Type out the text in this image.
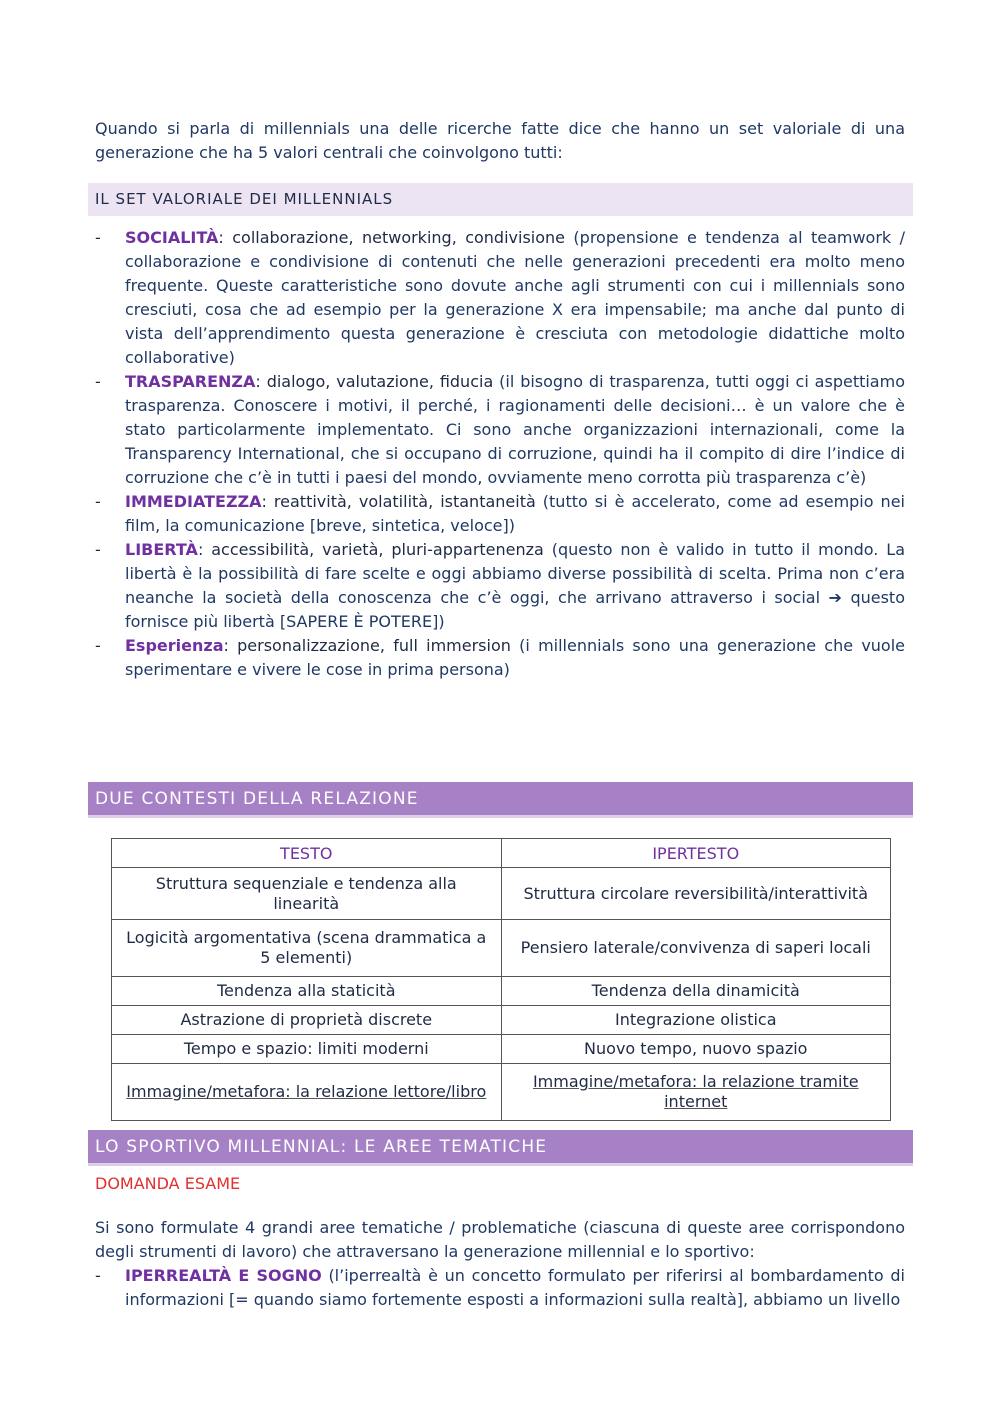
Quando si parla di millennials una delle ricerche fatte dice che hanno un set valoriale di una generazione che ha 5 valori centrali che coinvolgono tutti:

IL SET VALORIALE DEI MILLENNIALS
- SOCIALITÀ: collaborazione, networking, condivisione (propensione e tendenza al teamwork / collaborazione e condivisione di contenuti che nelle generazioni precedenti era molto meno frequente. Queste caratteristiche sono dovute anche agli strumenti con cui i millennials sono cresciuti, cosa che ad esempio per la generazione X era impensabile; ma anche dal punto di vista dell’apprendimento questa generazione è cresciuta con metodologie didattiche molto collaborative)
- TRASPARENZA: dialogo, valutazione, fiducia (il bisogno di trasparenza, tutti oggi ci aspettiamo trasparenza. Conoscere i motivi, il perché, i ragionamenti delle decisioni… è un valore che è stato particolarmente implementato. Ci sono anche organizzazioni internazionali, come la Transparency International, che si occupano di corruzione, quindi ha il compito di dire l’indice di corruzione che c’è in tutti i paesi del mondo, ovviamente meno corrotta più trasparenza c’è)
- IMMEDIATEZZA: reattività, volatilità, istantaneità (tutto si è accelerato, come ad esempio nei film, la comunicazione [breve, sintetica, veloce])
- LIBERTÀ: accessibilità, varietà, pluri-appartenenza (questo non è valido in tutto il mondo. La libertà è la possibilità di fare scelte e oggi abbiamo diverse possibilità di scelta. Prima non c’era neanche la società della conoscenza che c’è oggi, che arrivano attraverso i social ➔ questo fornisce più libertà [SAPERE È POTERE])
- Esperienza: personalizzazione, full immersion (i millennials sono una generazione che vuole sperimentare e vivere le cose in prima persona)
DUE CONTESTI DELLA RELAZIONE
TESTO	IPERTESTO
Struttura sequenziale e tendenza alla linearità	Struttura circolare reversibilità/interattività
Logicità argomentativa (scena drammatica a 5 elementi)	Pensiero laterale/convivenza di saperi locali
Tendenza alla staticità	Tendenza della dinamicità
Astrazione di proprietà discrete	Integrazione olistica
Tempo e spazio: limiti moderni	Nuovo tempo, nuovo spazio
Immagine/metafora: la relazione lettore/libro	Immagine/metafora: la relazione tramite internet
LO SPORTIVO MILLENNIAL: LE AREE TEMATICHE
DOMANDA ESAME

Si sono formulate 4 grandi aree tematiche / problematiche (ciascuna di queste aree corrispondono degli strumenti di lavoro) che attraversano la generazione millennial e lo sportivo:

- IPERREALTÀ E SOGNO (l’iperrealtà è un concetto formulato per riferirsi al bombardamento di informazioni [= quando siamo fortemente esposti a informazioni sulla realtà], abbiamo un livello
